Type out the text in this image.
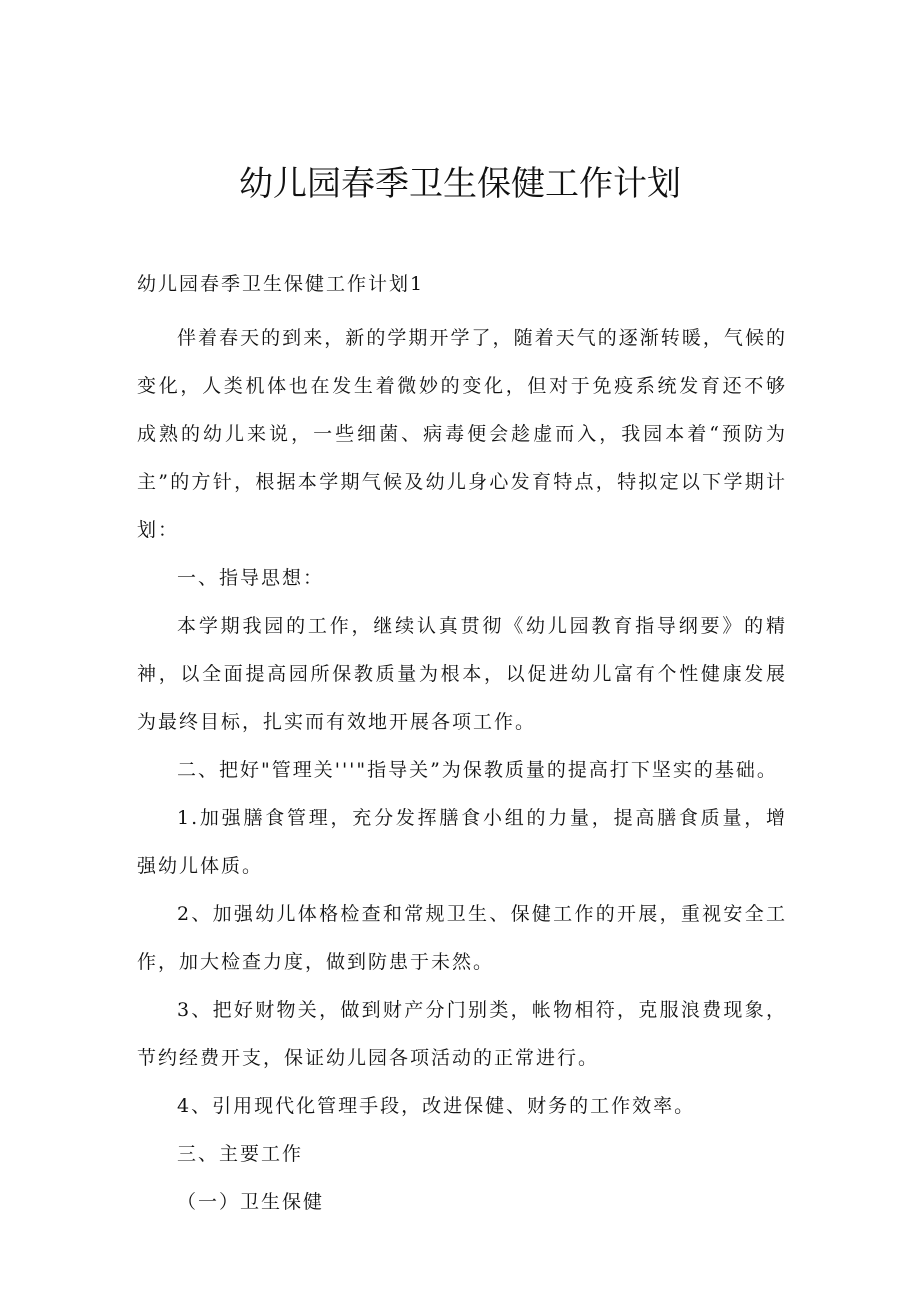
幼儿园春季卫生保健工作计划

幼儿园春季卫生保健工作计划1

伴着春天的到来，新的学期开学了，随着天气的逐渐转暖，气候的变化，人类机体也在发生着微妙的变化，但对于免疫系统发育还不够成熟的幼儿来说，一些细菌、病毒便会趁虚而入，我园本着“预防为主”的方针，根据本学期气候及幼儿身心发育特点，特拟定以下学期计划：

一、指导思想：

本学期我园的工作，继续认真贯彻《幼儿园教育指导纲要》的精神，以全面提高园所保教质量为根本，以促进幼儿富有个性健康发展为最终目标，扎实而有效地开展各项工作。

二、把好"管理关'''"指导关”为保教质量的提高打下坚实的基础。

1.加强膳食管理，充分发挥膳食小组的力量，提高膳食质量，增强幼儿体质。

2、加强幼儿体格检查和常规卫生、保健工作的开展，重视安全工作，加大检查力度，做到防患于未然。

3、把好财物关，做到财产分门别类，帐物相符，克服浪费现象，节约经费开支，保证幼儿园各项活动的正常进行。

4、引用现代化管理手段，改进保健、财务的工作效率。

三、主要工作

（一）卫生保健
